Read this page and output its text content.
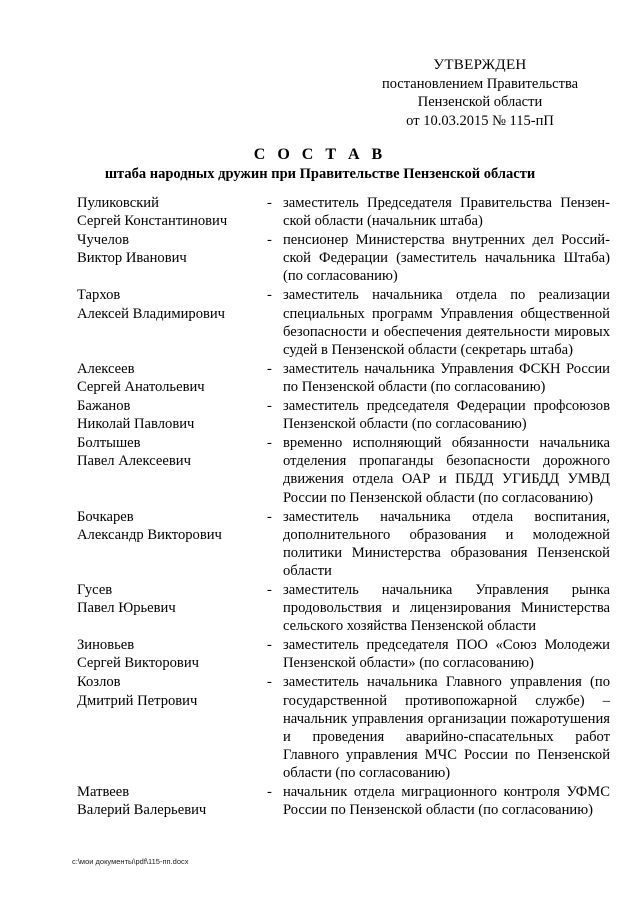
УТВЕРЖДЕН
постановлением Правительства
Пензенской области
от 10.03.2015 № 115-пП
С О С Т А В
штаба народных дружин при Правительстве Пензенской области
Пуликовский
Сергей Константинович
- заместитель Председателя Правительства Пензенской области (начальник штаба)
Чучелов
Виктор Иванович
- пенсионер Министерства внутренних дел Российской Федерации (заместитель начальника Штаба) (по согласованию)
Тархов
Алексей Владимирович
- заместитель начальника отдела по реализации специальных программ Управления общественной безопасности и обеспечения деятельности мировых судей в Пензенской области (секретарь штаба)
Алексеев
Сергей Анатольевич
- заместитель начальника Управления ФСКН России по Пензенской области (по согласованию)
Бажанов
Николай Павлович
- заместитель председателя Федерации профсоюзов Пензенской области (по согласованию)
Болтышев
Павел Алексеевич
- временно исполняющий обязанности начальника отделения пропаганды безопасности дорожного движения отдела ОАР и ПБДД УГИБДД УМВД России по Пензенской области (по согласованию)
Бочкарев
Александр Викторович
- заместитель начальника отдела воспитания, дополнительного образования и молодежной политики Министерства образования Пензенской области
Гусев
Павел Юрьевич
- заместитель начальника Управления рынка продовольствия и лицензирования Министерства сельского хозяйства Пензенской области
Зиновьев
Сергей Викторович
- заместитель председателя ПОО «Союз Молодежи Пензенской области» (по согласованию)
Козлов
Дмитрий Петрович
- заместитель начальника Главного управления (по государственной противопожарной службе) – начальник управления организации пожаротушения и проведения аварийно-спасательных работ Главного управления МЧС России по Пензенской области (по согласованию)
Матвеев
Валерий Валерьевич
- начальник отдела миграционного контроля УФМС России по Пензенской области (по согласованию)
c:\мои документы\pdf\115-пп.docx
